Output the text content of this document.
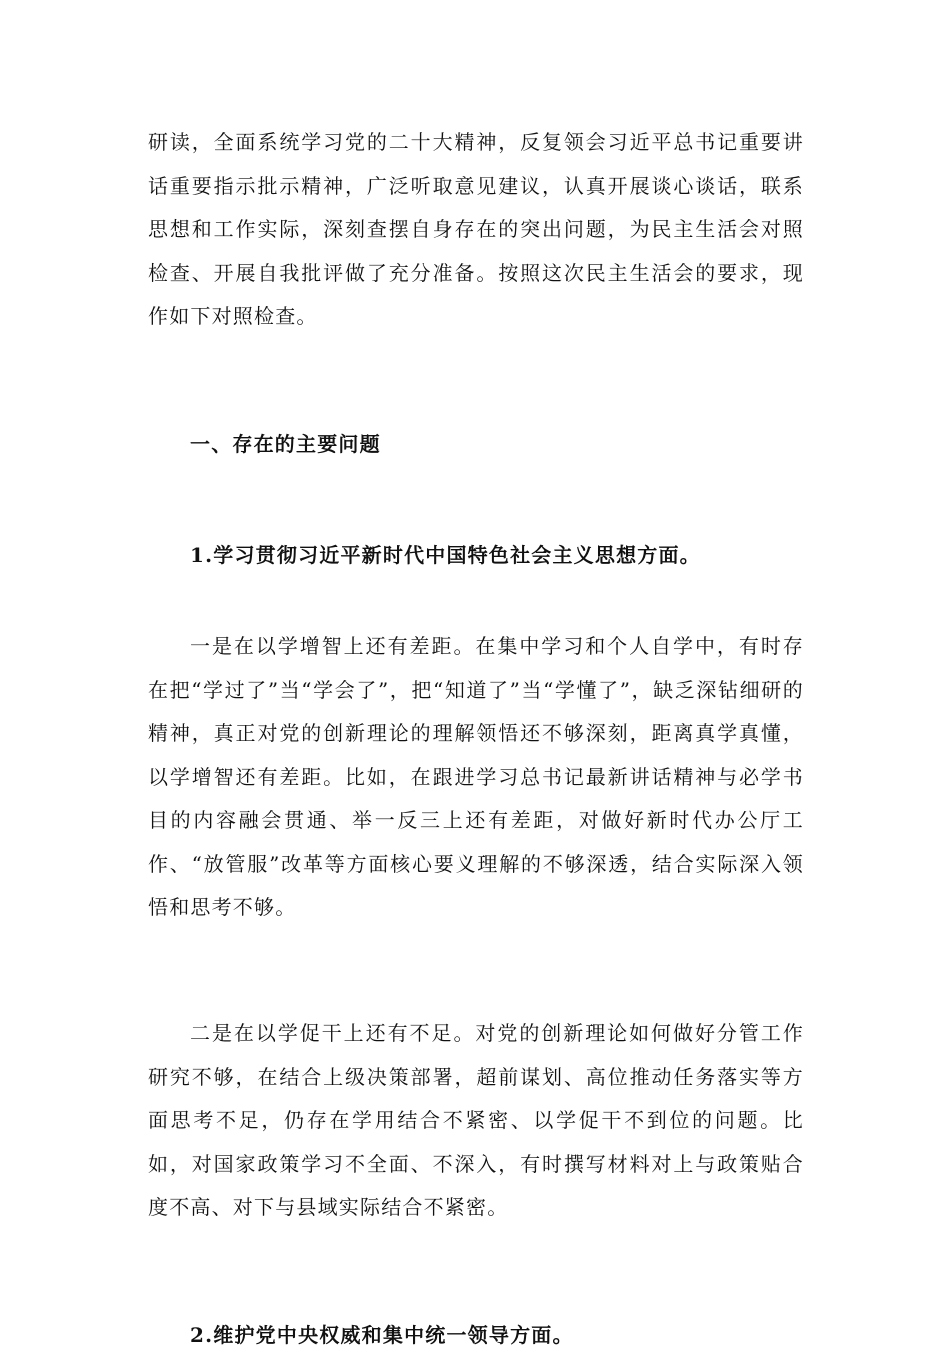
研读，全面系统学习党的二十大精神，反复领会习近平总书记重要讲话重要指示批示精神，广泛听取意见建议，认真开展谈心谈话，联系思想和工作实际，深刻查摆自身存在的突出问题，为民主生活会对照检查、开展自我批评做了充分准备。按照这次民主生活会的要求，现作如下对照检查。

一、存在的主要问题

1.学习贯彻习近平新时代中国特色社会主义思想方面。

一是在以学增智上还有差距。在集中学习和个人自学中，有时存在把“学过了”当“学会了”，把“知道了”当“学懂了”，缺乏深钻细研的精神，真正对党的创新理论的理解领悟还不够深刻，距离真学真懂，以学增智还有差距。比如，在跟进学习总书记最新讲话精神与必学书目的内容融会贯通、举一反三上还有差距，对做好新时代办公厅工作、“放管服”改革等方面核心要义理解的不够深透，结合实际深入领悟和思考不够。

二是在以学促干上还有不足。对党的创新理论如何做好分管工作研究不够，在结合上级决策部署，超前谋划、高位推动任务落实等方面思考不足，仍存在学用结合不紧密、以学促干不到位的问题。比如，对国家政策学习不全面、不深入，有时撰写材料对上与政策贴合度不高、对下与县域实际结合不紧密。

2.维护党中央权威和集中统一领导方面。
